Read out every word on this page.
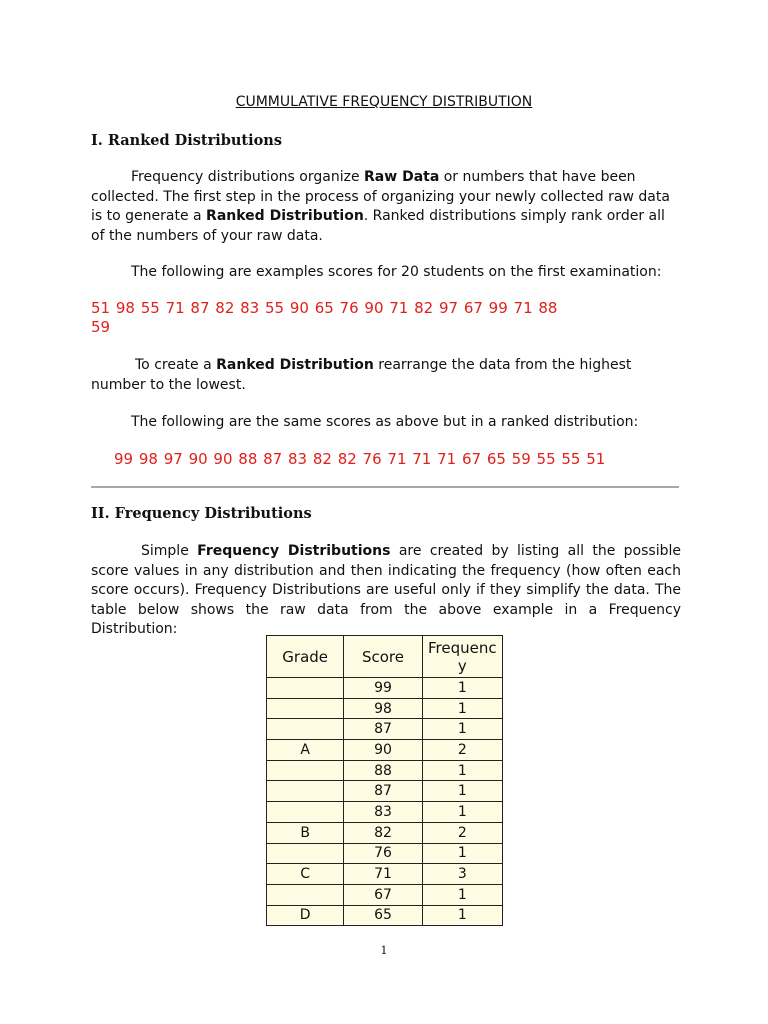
CUMMULATIVE FREQUENCY DISTRIBUTION
I. Ranked Distributions

Frequency distributions organize Raw Data or numbers that have been collected. The first step in the process of organizing your newly collected raw data is to generate a Ranked Distribution. Ranked distributions simply rank order all of the numbers of your raw data.

The following are examples scores for 20 students on the first examination:

51 98 55 71 87 82 83 55 90 65 76 90 71 82 97 67 99 71 88
59

To create a Ranked Distribution rearrange the data from the highest number to the lowest.

The following are the same scores as above but in a ranked distribution:

99 98 97 90 90 88 87 83 82 82 76 71 71 71 67 65 59 55 55 51
II. Frequency Distributions

Simple Frequency Distributions are created by listing all the possible score values in any distribution and then indicating the frequency (how often each score occurs). Frequency Distributions are useful only if they simplify the data. The table below shows the raw data from the above example in a Frequency Distribution:

Grade	Score	Frequenc y
	99	1
	98	1
	87	1
A	90	2
	88	1
	87	1
	83	1
B	82	2
	76	1
C	71	3
	67	1
D	65	1
1
